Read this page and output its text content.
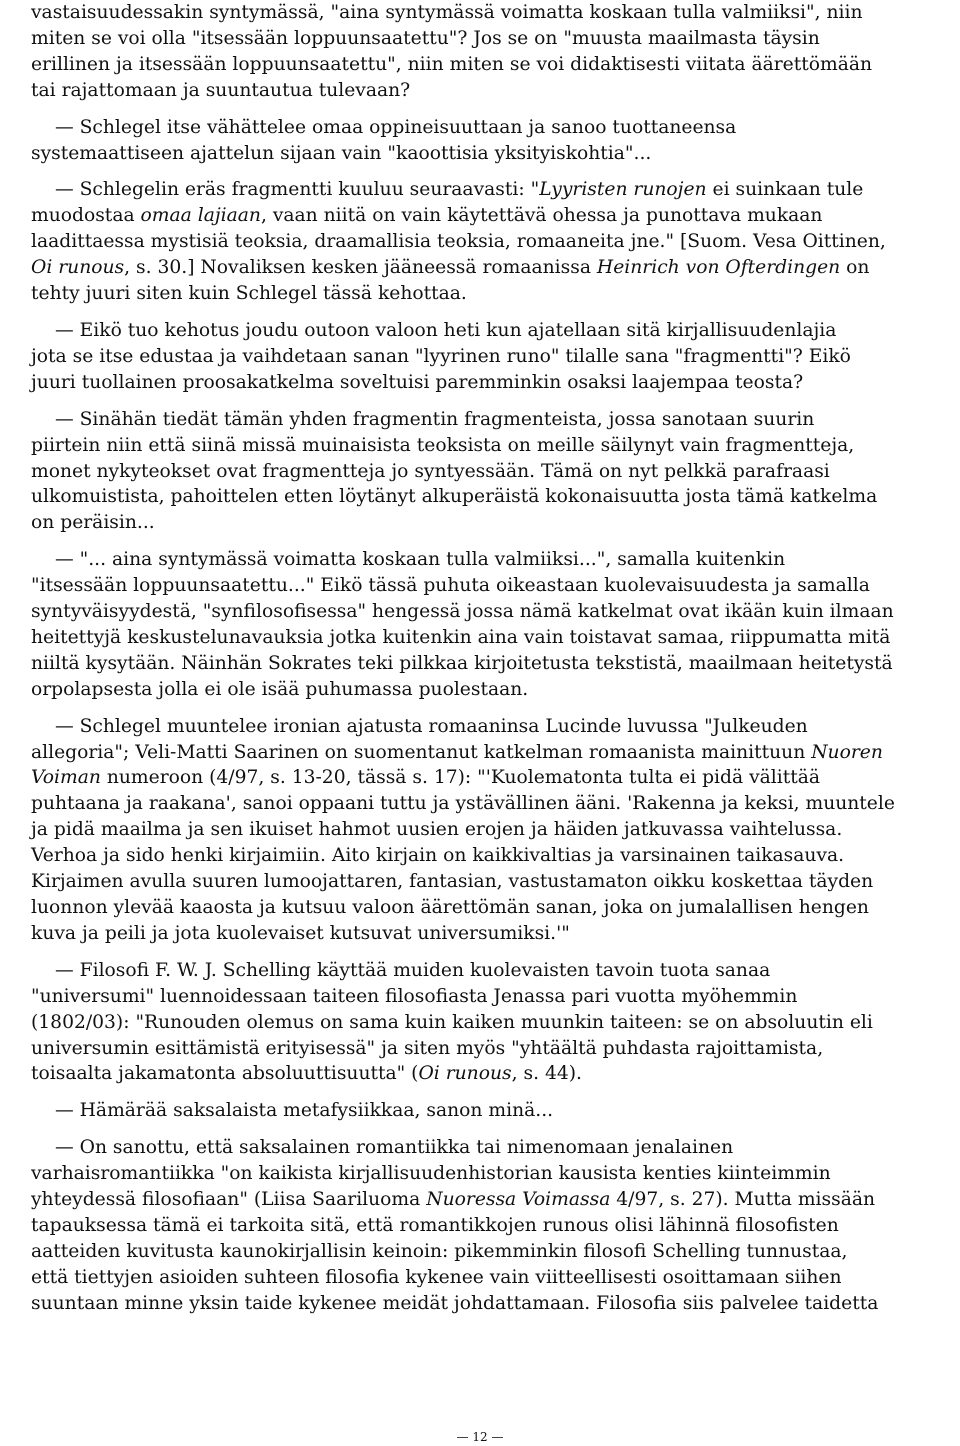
vastaisuudessakin syntymässä, "aina syntymässä voimatta koskaan tulla valmiiksi", niin
miten se voi olla "itsessään loppuunsaatettu"? Jos se on "muusta maailmasta täysin
erillinen ja itsessään loppuunsaatettu", niin miten se voi didaktisesti viitata äärettömään
tai rajattomaan ja suuntautua tulevaan?
— Schlegel itse vähättelee omaa oppineisuuttaan ja sanoo tuottaneensa
systemaattiseen ajattelun sijaan vain "kaoottisia yksityiskohtia"...
— Schlegelin eräs fragmentti kuuluu seuraavasti: "Lyyristen runojen ei suinkaan tule
muodostaa omaa lajiaan, vaan niitä on vain käytettävä ohessa ja punottava mukaan
laadittaessa mystisiä teoksia, draamallisia teoksia, romaaneita jne." [Suom. Vesa Oittinen,
Oi runous, s. 30.] Novaliksen kesken jääneessä romaanissa Heinrich von Ofterdingen on
tehty juuri siten kuin Schlegel tässä kehottaa.
— Eikö tuo kehotus joudu outoon valoon heti kun ajatellaan sitä kirjallisuudenlajia
jota se itse edustaa ja vaihdetaan sanan "lyyrinen runo" tilalle sana "fragmentti"? Eikö
juuri tuollainen proosakatkelma soveltuisi paremminkin osaksi laajempaa teosta?
— Sinähän tiedät tämän yhden fragmentin fragmenteista, jossa sanotaan suurin
piirtein niin että siinä missä muinaisista teoksista on meille säilynyt vain fragmentteja,
monet nykyteokset ovat fragmentteja jo syntyessään. Tämä on nyt pelkkä parafraasi
ulkomuistista, pahoittelen etten löytänyt alkuperäistä kokonaisuutta josta tämä katkelma
on peräisin...
— "... aina syntymässä voimatta koskaan tulla valmiiksi...", samalla kuitenkin
"itsessään loppuunsaatettu..." Eikö tässä puhuta oikeastaan kuolevaisuudesta ja samalla
syntyväisyydestä, "synfilosofisessa" hengessä jossa nämä katkelmat ovat ikään kuin ilmaan
heitettyjä keskustelunavauksia jotka kuitenkin aina vain toistavat samaa, riippumatta mitä
niiltä kysytään. Näinhän Sokrates teki pilkkaa kirjoitetusta tekstistä, maailmaan heitetystä
orpolapsesta jolla ei ole isää puhumassa puolestaan.
— Schlegel muuntelee ironian ajatusta romaaninsa Lucinde luvussa "Julkeuden
allegoria"; Veli-Matti Saarinen on suomentanut katkelman romaanista mainittuun Nuoren
Voiman numeroon (4/97, s. 13-20, tässä s. 17): "'Kuolematonta tulta ei pidä välittää
puhtaana ja raakana', sanoi oppaani tuttu ja ystävällinen ääni. 'Rakenna ja keksi, muuntele
ja pidä maailma ja sen ikuiset hahmot uusien erojen ja häiden jatkuvassa vaihtelussa.
Verhoa ja sido henki kirjaimiin. Aito kirjain on kaikkivaltias ja varsinainen taikasauva.
Kirjaimen avulla suuren lumoojattaren, fantasian, vastustamaton oikku koskettaa täyden
luonnon ylevää kaaosta ja kutsuu valoon äärettömän sanan, joka on jumalallisen hengen
kuva ja peili ja jota kuolevaiset kutsuvat universumiksi.'"
— Filosofi F. W. J. Schelling käyttää muiden kuolevaisten tavoin tuota sanaa
"universumi" luennoidessaan taiteen filosofiasta Jenassa pari vuotta myöhemmin
(1802/03): "Runouden olemus on sama kuin kaiken muunkin taiteen: se on absoluutin eli
universumin esittämistä erityisessä" ja siten myös "yhtäältä puhdasta rajoittamista,
toisaalta jakamatonta absoluuttisuutta" (Oi runous, s. 44).
— Hämärää saksalaista metafysiikkaa, sanon minä...
— On sanottu, että saksalainen romantiikka tai nimenomaan jenalainen
varhaisromantiikka "on kaikista kirjallisuudenhistorian kausista kenties kiinteimmin
yhteydessä filosofiaan" (Liisa Saariluoma Nuoressa Voimassa 4/97, s. 27). Mutta missään
tapauksessa tämä ei tarkoita sitä, että romantikkojen runous olisi lähinnä filosofisten
aatteiden kuvitusta kaunokirjallisin keinoin: pikemminkin filosofi Schelling tunnustaa,
että tiettyjen asioiden suhteen filosofia kykenee vain viitteellisesti osoittamaan siihen
suuntaan minne yksin taide kykenee meidät johdattamaan. Filosofia siis palvelee taidetta
— 12 —
